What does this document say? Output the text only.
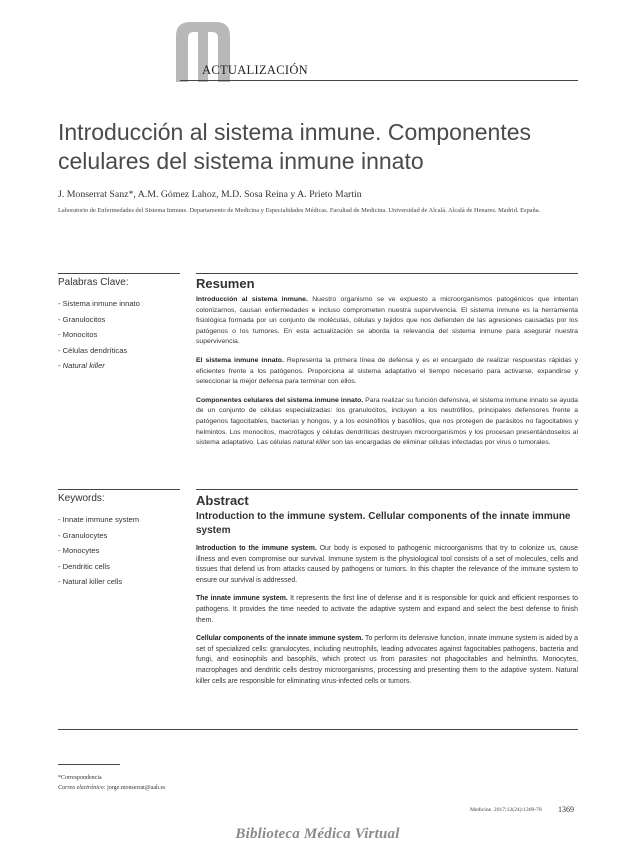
ACTUALIZACIÓN
Introducción al sistema inmune. Componentes celulares del sistema inmune innato
J. Monserrat Sanz*, A.M. Gómez Lahoz, M.D. Sosa Reina y A. Prieto Martín
Laboratorio de Enfermedades del Sistema Inmune. Departamento de Medicina y Especialidades Médicas. Facultad de Medicina. Universidad de Alcalá. Alcalá de Henares. Madrid. España.

Palabras Clave:

- Sistema inmune innato
- Granulocitos
- Monocitos
- Células dendríticas
- Natural killer
Resumen

Introducción al sistema inmune. Nuestro organismo se ve expuesto a microorganismos patogénicos que intentan colonizarnos, causan enfermedades e incluso comprometen nuestra supervivencia. El sistema inmune es la herramienta fisiológica formada por un conjunto de moléculas, células y tejidos que nos defienden de las agresiones causadas por los patógenos o los tumores. En esta actualización se aborda la relevancia del sistema inmune para asegurar nuestra supervivencia.

El sistema inmune innato. Representa la primera línea de defensa y es el encargado de realizar respuestas rápidas y eficientes frente a los patógenos. Proporciona al sistema adaptativo el tiempo necesario para activarse, expandirse y seleccionar la mejor defensa para terminar con ellos.

Componentes celulares del sistema inmune innato. Para realizar su función defensiva, el sistema inmune innato se ayuda de un conjunto de células especializadas: los granulocitos, incluyen a los neutrófilos, principales defensores frente a patógenos fagocitables, bacterias y hongos, y a los eosinófilos y basófilos, que nos protegen de parásitos no fagocitables y helmintos. Los monocitos, macrófagos y células dendríticas destruyen microorganismos y los procesan presentándoselos al sistema adaptativo. Las células natural killer son las encargadas de eliminar células infectadas por virus o tumorales.

Keywords:

- Innate immune system
- Granulocytes
- Monocytes
- Dendritic cells
- Natural killer cells
Abstract

Introduction to the immune system. Cellular components of the innate immune system

Introduction to the immune system. Our body is exposed to pathogenic microorganisms that try to colonize us, cause illness and even compromise our survival. Immune system is the physiological tool consists of a set of molecules, cells and tissues that defend us from attacks caused by pathogens or tumors. In this chapter the relevance of the immune system to ensure our survival is addressed.

The innate immune system. It represents the first line of defense and it is responsible for quick and efficient responses to pathogens. It provides the time needed to activate the adaptive system and expand and select the best defense to finish them.

Cellular components of the innate immune system. To perform its defensive function, innate immune system is aided by a set of specialized cells: granulocytes, including neutrophils, leading advocates against fagocitables pathogens, bacteria and fungi, and eosinophils and basophils, which protect us from parasites not phagocitables and helminths. Monocytes, macrophages and dendritic cells destroy microorganisms, processing and presenting them to the adaptive system. Natural killer cells are responsible for eliminating virus-infected cells or tumors.

*Correspondencia
Correo electrónico: jorge.monserrat@uah.es
Medicine. 2017;12(24):1369-78 1369
Biblioteca Médica Virtual
